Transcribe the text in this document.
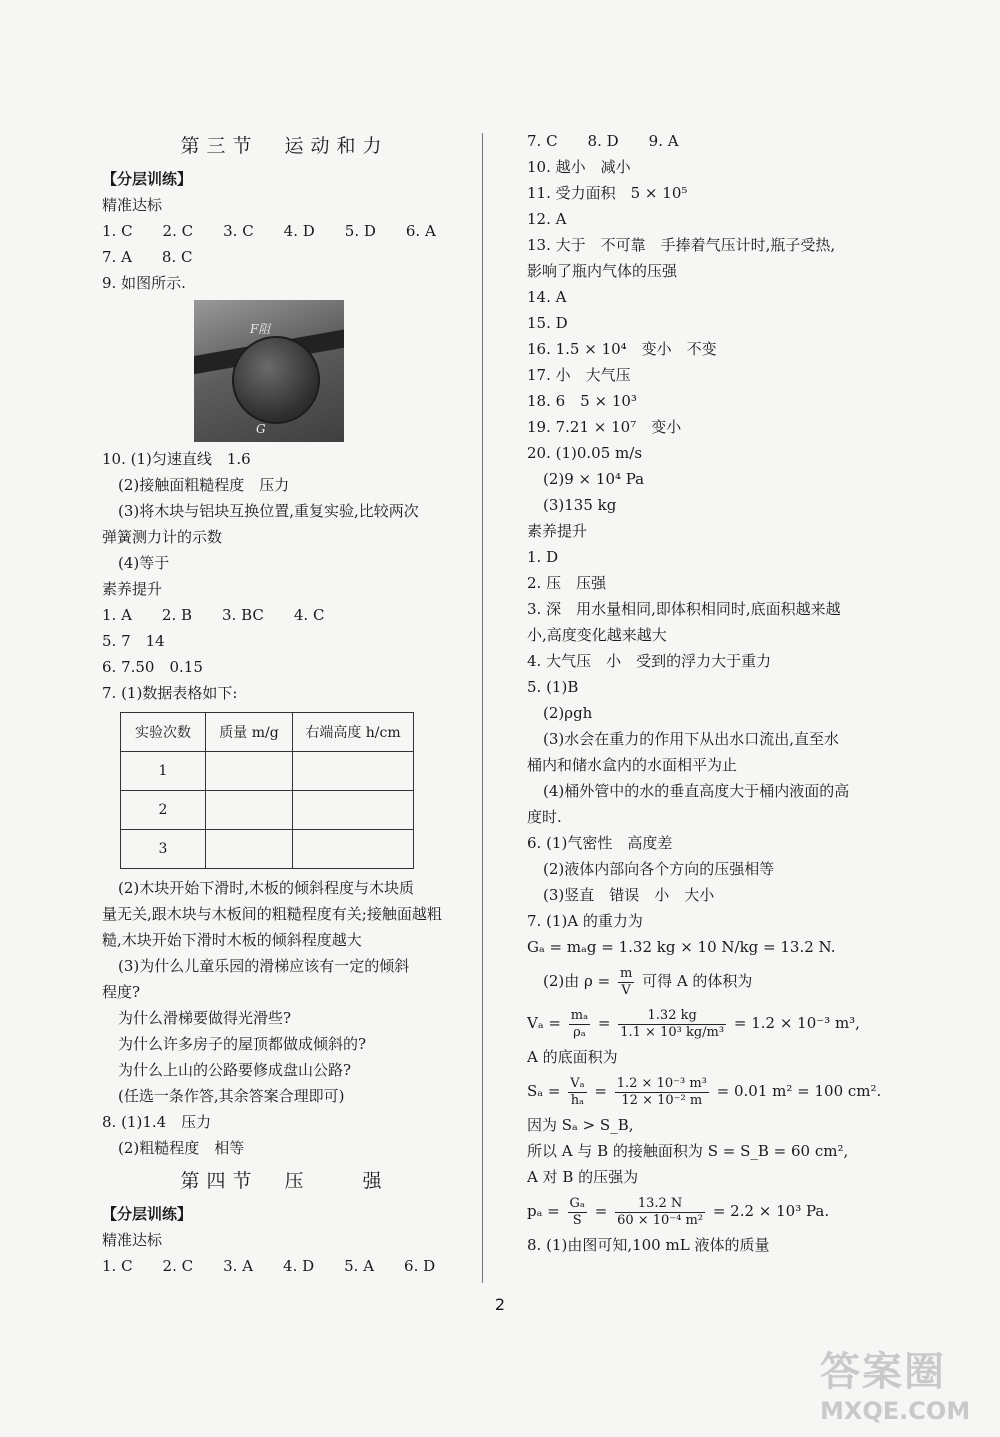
第三节　运动和力
【分层训练】
精准达标
1. C　　2. C　　3. C　　4. D　　5. D　　6. A
7. A　　8. C
9. 如图所示.
F阻
G
10. (1)匀速直线　1.6
(2)接触面粗糙程度　压力
(3)将木块与铝块互换位置,重复实验,比较两次
弹簧测力计的示数
(4)等于
素养提升
1. A　　2. B　　3. BC　　4. C
5. 7　14
6. 7.50　0.15
7. (1)数据表格如下:
实验次数	质量 m/g	右端高度 h/cm
1		
2		
3		
(2)木块开始下滑时,木板的倾斜程度与木块质
量无关,跟木块与木板间的粗糙程度有关;接触面越粗
糙,木块开始下滑时木板的倾斜程度越大
(3)为什么儿童乐园的滑梯应该有一定的倾斜
程度?
为什么滑梯要做得光滑些?
为什么许多房子的屋顶都做成倾斜的?
为什么上山的公路要修成盘山公路?
(任选一条作答,其余答案合理即可)
8. (1)1.4　压力
(2)粗糙程度　相等
第四节　压　　强
【分层训练】
精准达标
1. C　　2. C　　3. A　　4. D　　5. A　　6. D
7. C　　8. D　　9. A
10. 越小　减小
11. 受力面积　5 × 10⁵
12. A
13. 大于　不可靠　手捧着气压计时,瓶子受热,
影响了瓶内气体的压强
14. A
15. D
16. 1.5 × 10⁴　变小　不变
17. 小　大气压
18. 6　5 × 10³
19. 7.21 × 10⁷　变小
20. (1)0.05 m/s
(2)9 × 10⁴ Pa
(3)135 kg
素养提升
1. D
2. 压　压强
3. 深　用水量相同,即体积相同时,底面积越来越
小,高度变化越来越大
4. 大气压　小　受到的浮力大于重力
5. (1)B
(2)ρgh
(3)水会在重力的作用下从出水口流出,直至水
桶内和储水盒内的水面相平为止
(4)桶外管中的水的垂直高度大于桶内液面的高
度时.
6. (1)气密性　高度差
(2)液体内部向各个方向的压强相等
(3)竖直　错误　小　大小
7. (1)A 的重力为
Gₐ = mₐg = 1.32 kg × 10 N/kg = 13.2 N.
(2)由 $\rho = \frac{m}{V}$ 可得 A 的体积为
$V_a = \frac{\text{mₐ}}{\text{ρₐ}} = \frac{1.32 kg}{\text{1.1 × 10³ kg/m³}} = 1.2 \times 10^{-3}$ m³,
A 的底面积为
$S_a = \frac{\text{Vₐ}}{\text{hₐ}} = \frac{\text{1.2 × 10⁻³ m³}}{\text{12 × 10⁻² m}} = 0.01$ m² = 100 cm².
因为 Sₐ > S_B,
所以 A 与 B 的接触面积为 S = S_B = 60 cm²,
A 对 B 的压强为
$p_a = \frac{\text{Gₐ}}{S} = \frac{13.2 N}{\text{60 × 10⁻⁴ m²}} = 2.2 \times 10^3$ Pa.
8. (1)由图可知,100 mL 液体的质量
2
答案圈
MXQE.COM
